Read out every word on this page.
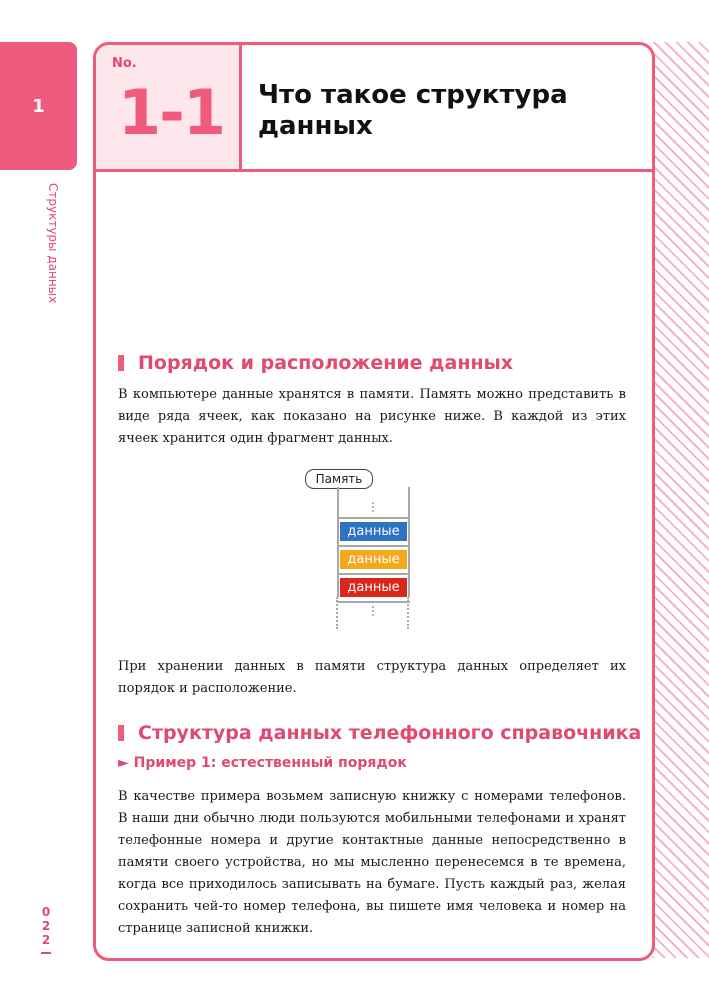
1
Структуры данных
0
2
2
No.
1-1 Что такое структура данных
Порядок и расположение данных
В компьютере данные хранятся в памяти. Память можно представить в виде ряда ячеек, как показано на рисунке ниже. В каждой из этих ячеек хранится один фрагмент данных.
Память
данные
данные
данные
При хранении данных в памяти структура данных определяет их порядок и расположение.
Структура данных телефонного справочника
► Пример 1: естественный порядок
В качестве примера возьмем записную книжку с номерами телефонов. В наши дни обычно люди пользуются мобильными телефонами и хранят телефонные номера и другие контактные данные непосредственно в памяти своего устройства, но мы мысленно перенесемся в те времена, когда все приходилось записывать на бумаге. Пусть каждый раз, желая сохранить чей-то номер телефона, вы пишете имя человека и номер на странице записной книжки.
